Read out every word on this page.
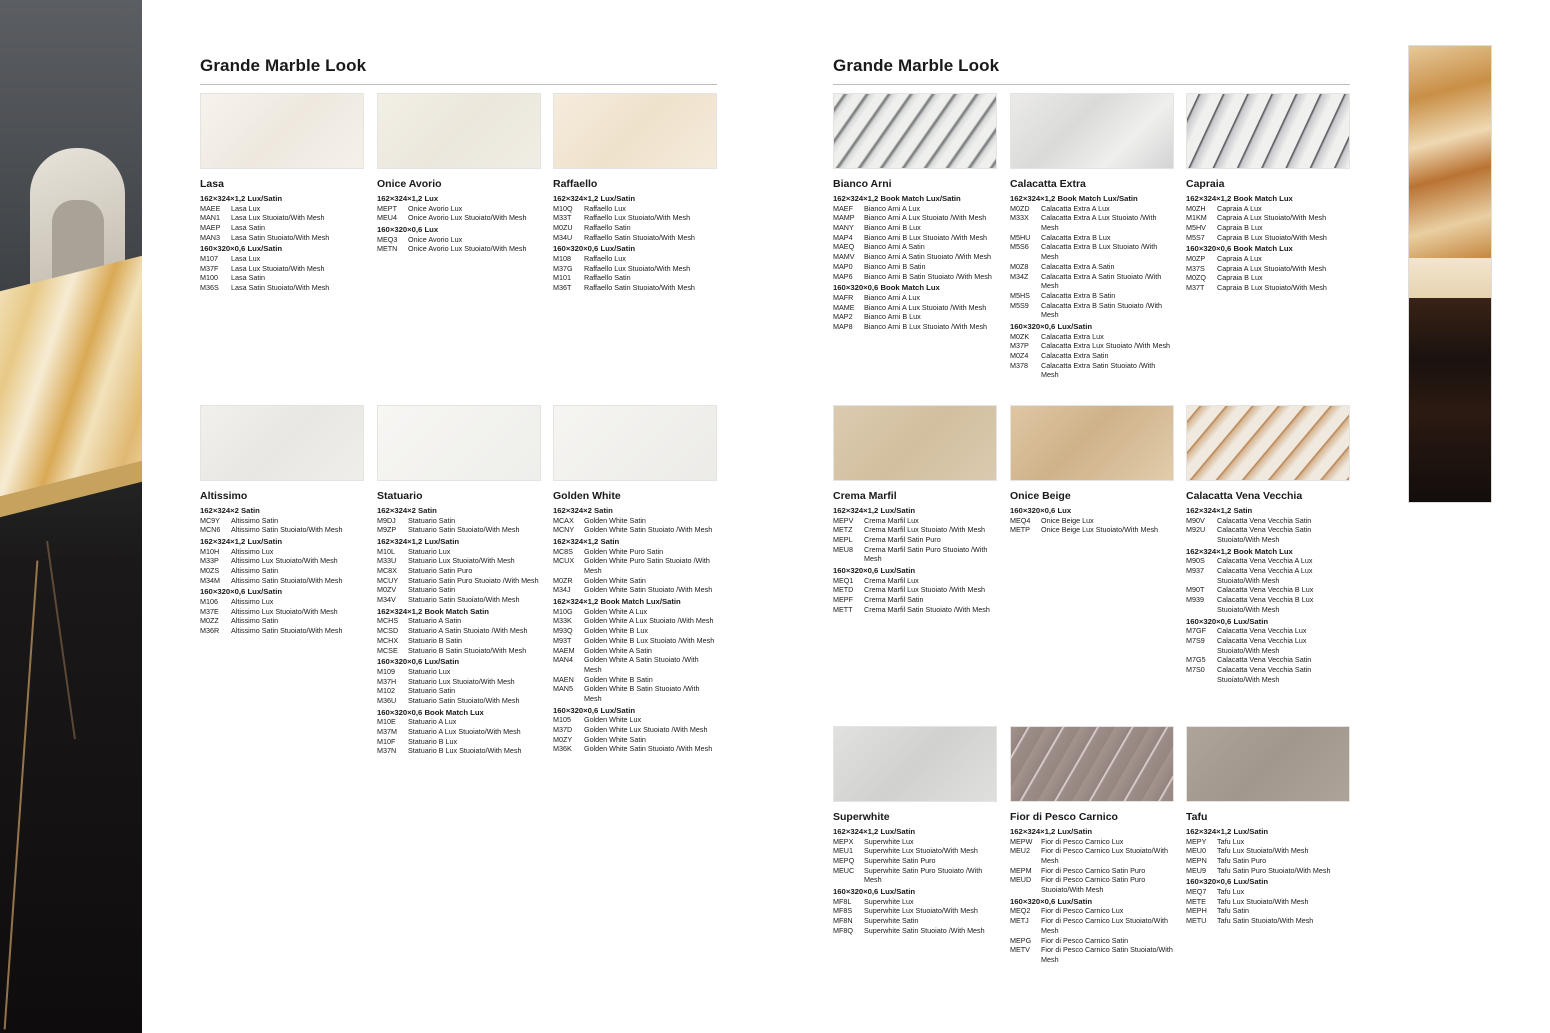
Grande Marble Look	Grande Marble Look
Lasa
162×324×1,2 Lux/Satin
MAEE	Lasa Lux
MAN1	Lasa Lux Stuoiato/With Mesh
MAEP	Lasa Satin
MAN3	Lasa Satin Stuoiato/With Mesh
160×320×0,6 Lux/Satin
M107	Lasa Lux
M37F	Lasa Lux Stuoiato/With Mesh
M100	Lasa Satin
M36S	Lasa Satin Stuoiato/With Mesh
Onice Avorio
162×324×1,2 Lux
MEPT	Onice Avorio Lux
MEU4	Onice Avorio Lux Stuoiato/With Mesh
160×320×0,6 Lux
MEQ3	Onice Avorio Lux
METN	Onice Avorio Lux Stuoiato/With Mesh
Raffaello
162×324×1,2 Lux/Satin
M10Q	Raffaello Lux
M33T	Raffaello Lux Stuoiato/With Mesh
M0ZU	Raffaello Satin
M34U	Raffaello Satin Stuoiato/With Mesh
160×320×0,6 Lux/Satin
M108	Raffaello Lux
M37G	Raffaello Lux Stuoiato/With Mesh
M101	Raffaello Satin
M36T	Raffaello Satin Stuoiato/With Mesh
Altissimo
162×324×2 Satin
MC9Y	Altissimo Satin
MCN6	Altissimo Satin Stuoiato/With Mesh
162×324×1,2 Lux/Satin
M10H	Altissimo Lux
M33P	Altissimo Lux Stuoiato/With Mesh
M0ZS	Altissimo Satin
M34M	Altissimo Satin Stuoiato/With Mesh
160×320×0,6 Lux/Satin
M106	Altissimo Lux
M37E	Altissimo Lux Stuoiato/With Mesh
M0ZZ	Altissimo Satin
M36R	Altissimo Satin Stuoiato/With Mesh
Statuario
162×324×2 Satin
M9DJ	Statuario Satin
M9ZP	Statuario Satin Stuoiato/With Mesh
162×324×1,2 Lux/Satin
M10L	Statuario Lux
M33U	Statuario Lux Stuoiato/With Mesh
MC8X	Statuario Satin Puro
MCUY	Statuario Satin Puro Stuoiato /With Mesh
M0ZV	Statuario Satin
M34V	Statuario Satin Stuoiato/With Mesh
162×324×1,2 Book Match Satin
MCHS	Statuario A Satin
MCSD	Statuario A Satin Stuoiato /With Mesh
MCHX	Statuario B Satin
MCSE	Statuario B Satin Stuoiato/With Mesh
160×320×0,6 Lux/Satin
M109	Statuario Lux
M37H	Statuario Lux Stuoiato/With Mesh
M102	Statuario Satin
M36U	Statuario Satin Stuoiato/With Mesh
160×320×0,6 Book Match Lux
M10E	Statuario A Lux
M37M	Statuario A Lux Stuoiato/With Mesh
M10F	Statuario B Lux
M37N	Statuario B Lux Stuoiato/With Mesh
Golden White
162×324×2 Satin
MCAX	Golden White Satin
MCNY	Golden White Satin Stuoiato /With Mesh
162×324×1,2 Satin
MC8S	Golden White Puro Satin
MCUX	Golden White Puro Satin Stuoiato /With Mesh
M0ZR	Golden White Satin
M34J	Golden White Satin Stuoiato /With Mesh
162×324×1,2 Book Match Lux/Satin
M10G	Golden White A Lux
M33K	Golden White A Lux Stuoiato /With Mesh
M93Q	Golden White B Lux
M93T	Golden White B Lux Stuoiato /With Mesh
MAEM	Golden White A Satin
MAN4	Golden White A Satin Stuoiato /With Mesh
MAEN	Golden White B Satin
MAN5	Golden White B Satin Stuoiato /With Mesh
160×320×0,6 Lux/Satin
M105	Golden White Lux
M37D	Golden White Lux Stuoiato /With Mesh
M0ZY	Golden White Satin
M36K	Golden White Satin Stuoiato /With Mesh
Bianco Arni
162×324×1,2 Book Match Lux/Satin
MAEF	Bianco Arni A Lux
MAMP	Bianco Arni A Lux Stuoiato /With Mesh
MANY	Bianco Arni B Lux
MAP4	Bianco Arni B Lux Stuoiato /With Mesh
MAEQ	Bianco Arni A Satin
MAMV	Bianco Arni A Satin Stuoiato /With Mesh
MAP0	Bianco Arni B Satin
MAP6	Bianco Arni B Satin Stuoiato /With Mesh
160×320×0,6 Book Match Lux
MAFR	Bianco Arni A Lux
MAME	Bianco Arni A Lux Stuoiato /With Mesh
MAP2	Bianco Arni B Lux
MAP8	Bianco Arni B Lux Stuoiato /With Mesh
Calacatta Extra
162×324×1,2 Book Match Lux/Satin
M0ZD	Calacatta Extra A Lux
M33X	Calacatta Extra A Lux Stuoiato /With Mesh
M5HU	Calacatta Extra B Lux
M5S6	Calacatta Extra B Lux Stuoiato /With Mesh
M0Z8	Calacatta Extra A Satin
M34Z	Calacatta Extra A Satin Stuoiato /With Mesh
M5HS	Calacatta Extra B Satin
M5S9	Calacatta Extra B Satin Stuoiato /With Mesh
160×320×0,6 Lux/Satin
M0ZK	Calacatta Extra Lux
M37P	Calacatta Extra Lux Stuoiato /With Mesh
M0Z4	Calacatta Extra Satin
M378	Calacatta Extra Satin Stuoiato /With Mesh
Capraia
162×324×1,2 Book Match Lux
M0ZH	Capraia A Lux
M1KM	Capraia A Lux Stuoiato/With Mesh
M5HV	Capraia B Lux
M5S7	Capraia B Lux Stuoiato/With Mesh
160×320×0,6 Book Match Lux
M0ZP	Capraia A Lux
M37S	Capraia A Lux Stuoiato/With Mesh
M0ZQ	Capraia B Lux
M37T	Capraia B Lux Stuoiato/With Mesh
Crema Marfil
162×324×1,2 Lux/Satin
MEPV	Crema Marfil Lux
METZ	Crema Marfil Lux Stuoiato /With Mesh
MEPL	Crema Marfil Satin Puro
MEU8	Crema Marfil Satin Puro Stuoiato /With Mesh
160×320×0,6 Lux/Satin
MEQ1	Crema Marfil Lux
METD	Crema Marfil Lux Stuoiato /With Mesh
MEPF	Crema Marfil Satin
METT	Crema Marfil Satin Stuoiato /With Mesh
Onice Beige
160×320×0,6 Lux
MEQ4	Onice Beige Lux
METP	Onice Beige Lux Stuoiato/With Mesh
Calacatta Vena Vecchia
162×324×1,2 Satin
M90V	Calacatta Vena Vecchia Satin
M92U	Calacatta Vena Vecchia Satin Stuoiato/With Mesh
162×324×1,2 Book Match Lux
M90S	Calacatta Vena Vecchia A Lux
M937	Calacatta Vena Vecchia A Lux Stuoiato/With Mesh
M90T	Calacatta Vena Vecchia B Lux
M939	Calacatta Vena Vecchia B Lux Stuoiato/With Mesh
160×320×0,6 Lux/Satin
M7GF	Calacatta Vena Vecchia Lux
M7S9	Calacatta Vena Vecchia Lux Stuoiato/With Mesh
M7G5	Calacatta Vena Vecchia Satin
M7S0	Calacatta Vena Vecchia Satin Stuoiato/With Mesh
Superwhite
162×324×1,2 Lux/Satin
MEPX	Superwhite Lux
MEU1	Superwhite Lux Stuoiato/With Mesh
MEPQ	Superwhite Satin Puro
MEUC	Superwhite Satin Puro Stuoiato /With Mesh
160×320×0,6 Lux/Satin
MF8L	Superwhite Lux
MF8S	Superwhite Lux Stuoiato/With Mesh
MF8N	Superwhite Satin
MF8Q	Superwhite Satin Stuoiato /With Mesh
Fior di Pesco Carnico
162×324×1,2 Lux/Satin
MEPW	Fior di Pesco Carnico Lux
MEU2	Fior di Pesco Carnico Lux Stuoiato/With Mesh
MEPM	Fior di Pesco Carnico Satin Puro
MEUD	Fior di Pesco Carnico Satin Puro Stuoiato/With Mesh
160×320×0,6 Lux/Satin
MEQ2	Fior di Pesco Carnico Lux
METJ	Fior di Pesco Carnico Lux Stuoiato/With Mesh
MEPG	Fior di Pesco Carnico Satin
METV	Fior di Pesco Carnico Satin Stuoiato/With Mesh
Tafu
162×324×1,2 Lux/Satin
MEPY	Tafu Lux
MEU0	Tafu Lux Stuoiato/With Mesh
MEPN	Tafu Satin Puro
MEU9	Tafu Satin Puro Stuoiato/With Mesh
160×320×0,6 Lux/Satin
MEQ7	Tafu Lux
METE	Tafu Lux Stuoiato/With Mesh
MEPH	Tafu Satin
METU	Tafu Satin Stuoiato/With Mesh
